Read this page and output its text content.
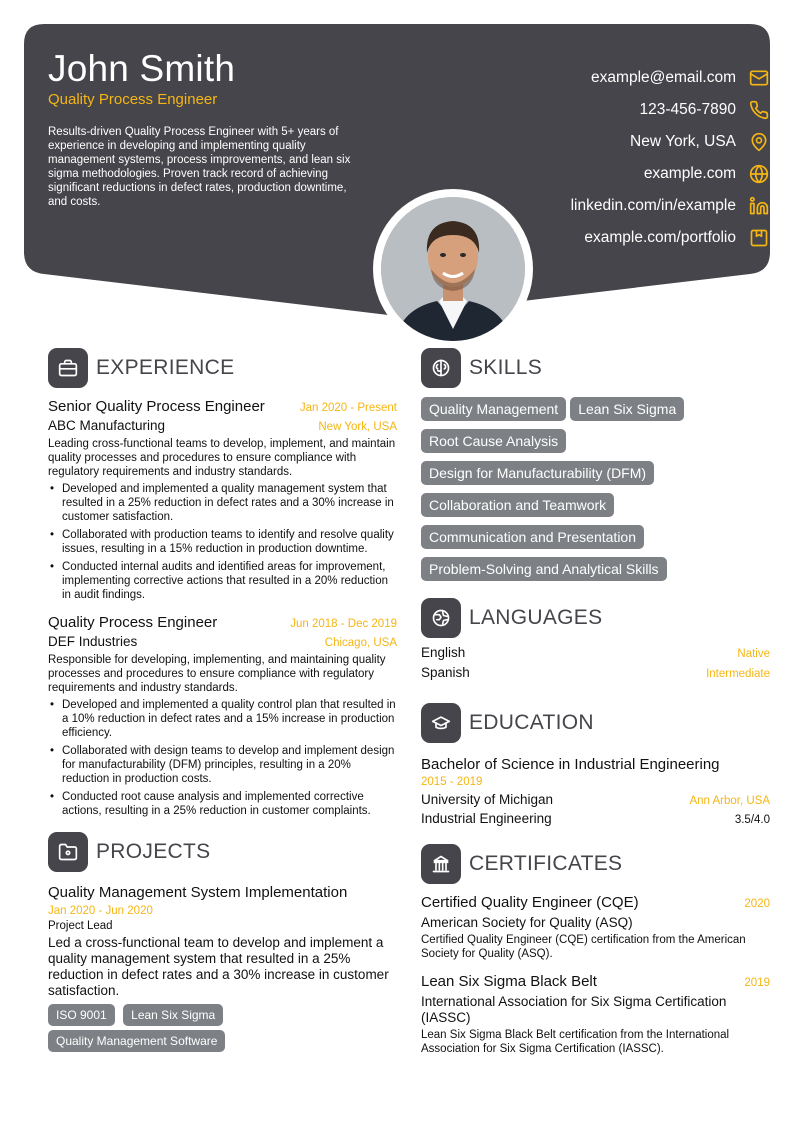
John Smith
Quality Process Engineer
Results-driven Quality Process Engineer with 5+ years of experience in developing and implementing quality management systems, process improvements, and lean six sigma methodologies. Proven track record of achieving significant reductions in defect rates, production downtime, and costs.
example@email.com
123-456-7890
New York, USA
example.com
linkedin.com/in/example
example.com/portfolio
EXPERIENCE
Senior Quality Process Engineer	Jan 2020 - Present
ABC Manufacturing	New York, USA
Leading cross-functional teams to develop, implement, and maintain quality processes and procedures to ensure compliance with regulatory requirements and industry standards.
• Developed and implemented a quality management system that resulted in a 25% reduction in defect rates and a 30% increase in customer satisfaction.
• Collaborated with production teams to identify and resolve quality issues, resulting in a 15% reduction in production downtime.
• Conducted internal audits and identified areas for improvement, implementing corrective actions that resulted in a 20% reduction in audit findings.
Quality Process Engineer	Jun 2018 - Dec 2019
DEF Industries	Chicago, USA
Responsible for developing, implementing, and maintaining quality processes and procedures to ensure compliance with regulatory requirements and industry standards.
• Developed and implemented a quality control plan that resulted in a 10% reduction in defect rates and a 15% increase in production efficiency.
• Collaborated with design teams to develop and implement design for manufacturability (DFM) principles, resulting in a 20% reduction in production costs.
• Conducted root cause analysis and implemented corrective actions, resulting in a 25% reduction in customer complaints.
PROJECTS
Quality Management System Implementation
Jan 2020 - Jun 2020
Project Lead
Led a cross-functional team to develop and implement a quality management system that resulted in a 25% reduction in defect rates and a 30% increase in customer satisfaction.
ISO 9001 Lean Six Sigma Quality Management Software
SKILLS
Quality Management Lean Six Sigma
Root Cause Analysis
Design for Manufacturability (DFM)
Collaboration and Teamwork
Communication and Presentation
Problem-Solving and Analytical Skills
LANGUAGES
English	Native
Spanish	Intermediate
EDUCATION
Bachelor of Science in Industrial Engineering
2015 - 2019
University of Michigan	Ann Arbor, USA
Industrial Engineering	3.5/4.0
CERTIFICATES
Certified Quality Engineer (CQE)	2020
American Society for Quality (ASQ)
Certified Quality Engineer (CQE) certification from the American Society for Quality (ASQ).
Lean Six Sigma Black Belt	2019
International Association for Six Sigma Certification (IASSC)
Lean Six Sigma Black Belt certification from the International Association for Six Sigma Certification (IASSC).
